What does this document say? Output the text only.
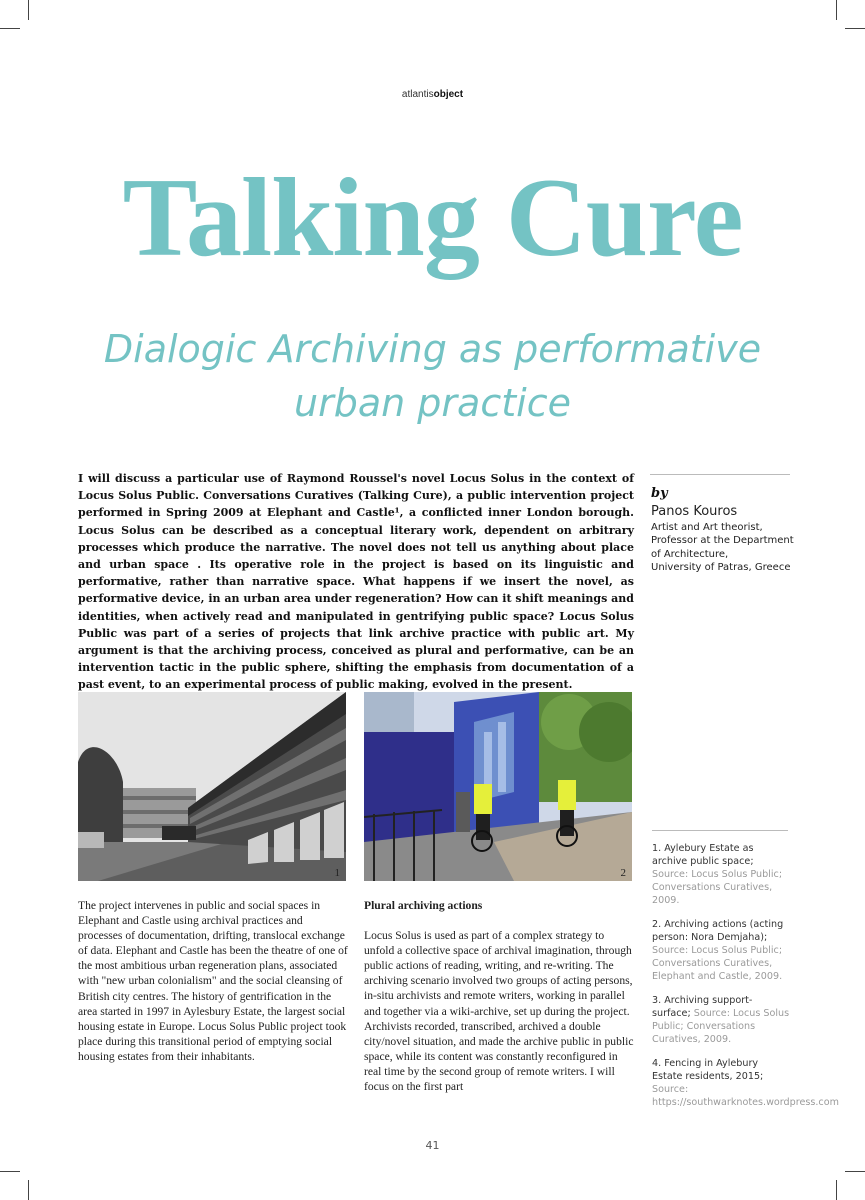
atlantisobject
Talking Cure
Dialogic Archiving as performative
urban practice

I will discuss a particular use of Raymond Roussel's novel Locus Solus in the context of Locus Solus Public. Conversations Curatives (Talking Cure), a public intervention project performed in Spring 2009 at Elephant and Castle¹, a conflicted inner London borough. Locus Solus can be described as a conceptual literary work, dependent on arbitrary processes which produce the narrative. The novel does not tell us anything about place and urban space . Its operative role in the project is based on its linguistic and performative, rather than narrative space. What happens if we insert the novel, as performative device, in an urban area under regeneration? How can it shift meanings and identities, when actively read and manipulated in gentrifying public space? Locus Solus Public was part of a series of projects that link archive practice with public art. My argument is that the archiving process, conceived as plural and performative, can be an intervention tactic in the public sphere, shifting the emphasis from documentation of a past event, to an experimental process of public making, evolved in the present.

by
Panos Kouros
Artist and Art theorist,
Professor at the Department
of Architecture,
University of Patras, Greece
1	2

The project intervenes in public and social spaces in Elephant and Castle using archival practices and processes of documentation, drifting, translocal exchange of data. Elephant and Castle has been the theatre of one of the most ambitious urban regeneration plans, associated with "new urban colonialism" and the social cleansing of British city centres. The history of gentrification in the area started in 1997 in Aylesbury Estate, the largest social housing estate in Europe. Locus Solus Public project took place during this transitional period of emptying social housing estates from their inhabitants.

Plural archiving actions

Locus Solus is used as part of a complex strategy to unfold a collective space of archival imagination, through public actions of reading, writing, and re-writing. The archiving scenario involved two groups of acting persons, in-situ archivists and remote writers, working in parallel and together via a wiki-archive, set up during the project. Archivists recorded, transcribed, archived a double city/novel situation, and made the archive public in public space, while its content was constantly reconfigured in real time by the second group of remote writers. I will focus on the first part

1. Aylebury Estate as archive public space; Source: Locus Solus Public; Conversations Curatives, 2009.
2. Archiving actions (acting person: Nora Demjaha); Source: Locus Solus Public; Conversations Curatives, Elephant and Castle, 2009.
3. Archiving support-surface; Source: Locus Solus Public; Conversations Curatives, 2009.
4. Fencing in Aylebury Estate residents, 2015; Source: https://southwarknotes.wordpress.com
41
